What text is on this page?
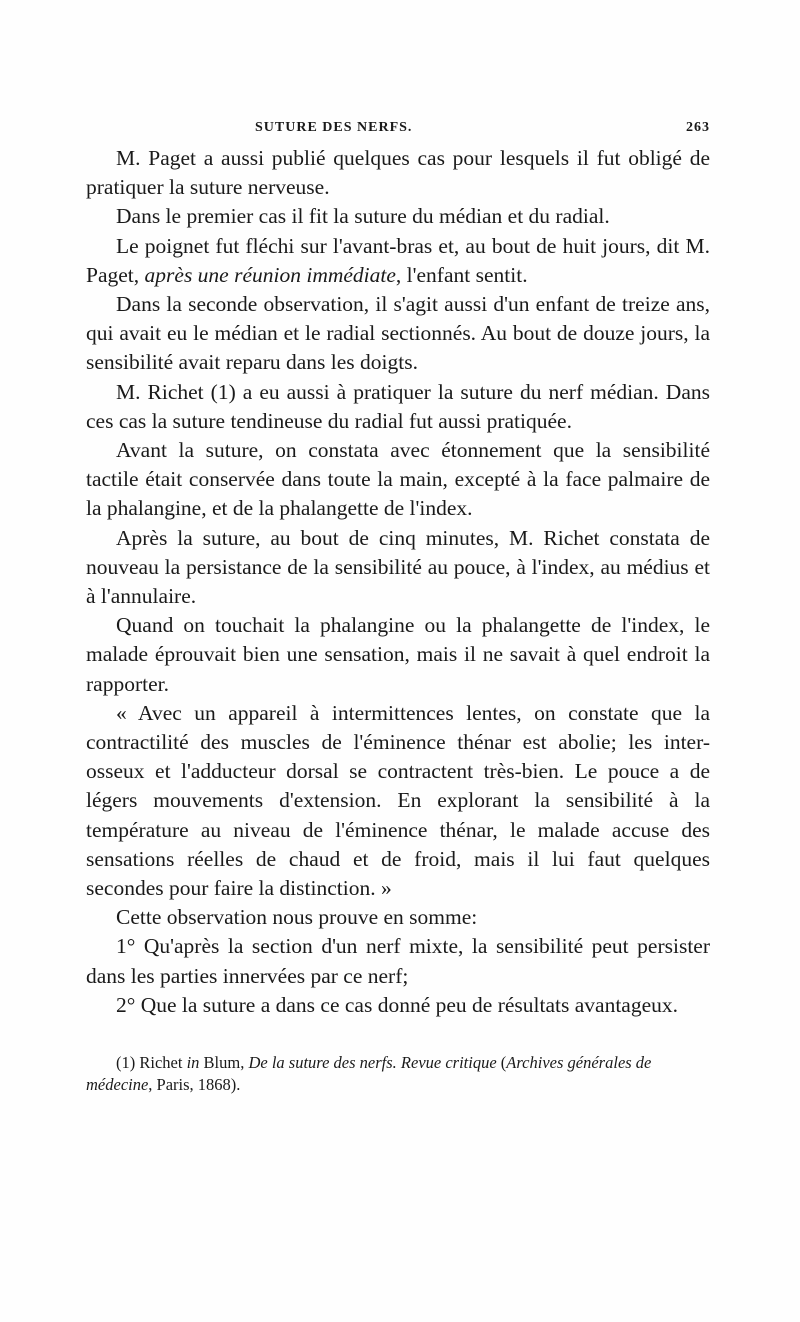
SUTURE DES NERFS.	263

M. Paget a aussi publié quelques cas pour lesquels il fut obligé de pratiquer la suture nerveuse.

Dans le premier cas il fit la suture du médian et du radial.

Le poignet fut fléchi sur l'avant-bras et, au bout de huit jours, dit M. Paget, après une réunion immédiate, l'enfant sentit.

Dans la seconde observation, il s'agit aussi d'un enfant de treize ans, qui avait eu le médian et le radial sectionnés. Au bout de douze jours, la sensibilité avait reparu dans les doigts.

M. Richet (1) a eu aussi à pratiquer la suture du nerf médian. Dans ces cas la suture tendineuse du radial fut aussi pratiquée.

Avant la suture, on constata avec étonnement que la sensibilité tactile était conservée dans toute la main, excepté à la face palmaire de la phalangine, et de la phalangette de l'index.

Après la suture, au bout de cinq minutes, M. Richet constata de nouveau la persistance de la sensibilité au pouce, à l'index, au médius et à l'annulaire.

Quand on touchait la phalangine ou la phalangette de l'index, le malade éprouvait bien une sensation, mais il ne savait à quel endroit la rapporter.

« Avec un appareil à intermittences lentes, on constate que la contractilité des muscles de l'éminence thénar est abolie; les inter-osseux et l'adducteur dorsal se contractent très-bien. Le pouce a de légers mouvements d'extension. En explorant la sensibilité à la température au niveau de l'éminence thénar, le malade accuse des sensations réelles de chaud et de froid, mais il lui faut quelques secondes pour faire la distinction. »

Cette observation nous prouve en somme:

1° Qu'après la section d'un nerf mixte, la sensibilité peut persister dans les parties innervées par ce nerf;

2° Que la suture a dans ce cas donné peu de résultats avantageux.

(1) Richet in Blum, De la suture des nerfs. Revue critique (Archives générales de médecine, Paris, 1868).
